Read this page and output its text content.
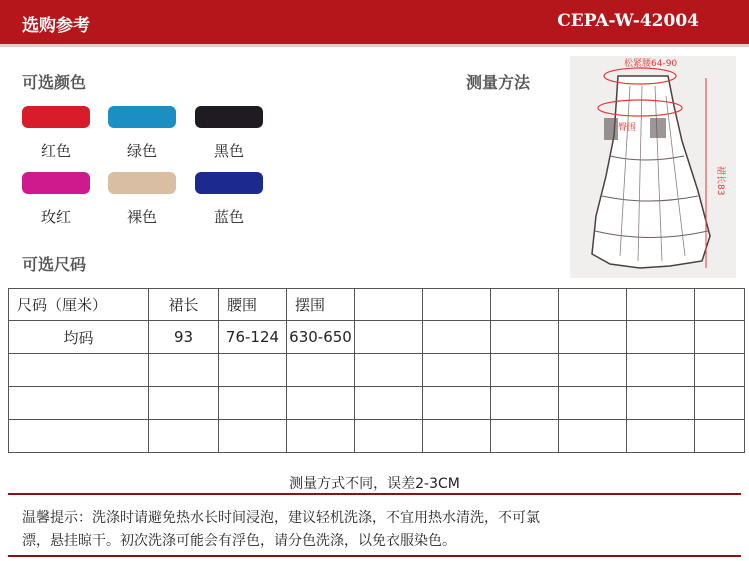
选购参考	CEPA-W-42004
可选颜色
红色	绿色	黑色
玫红	裸色	蓝色
测量方法
松紧腰64-90
臀围
裙长83
可选尺码
尺码（厘米）	裙长	腰围	摆围						
均码	93	76-124	630-650						

测量方式不同，误差2-3CM
温馨提示：洗涤时请避免热水长时间浸泡，建议轻机洗涤，不宜用热水清洗，不可氯
漂，悬挂晾干。初次洗涤可能会有浮色，请分色洗涤，以免衣服染色。
